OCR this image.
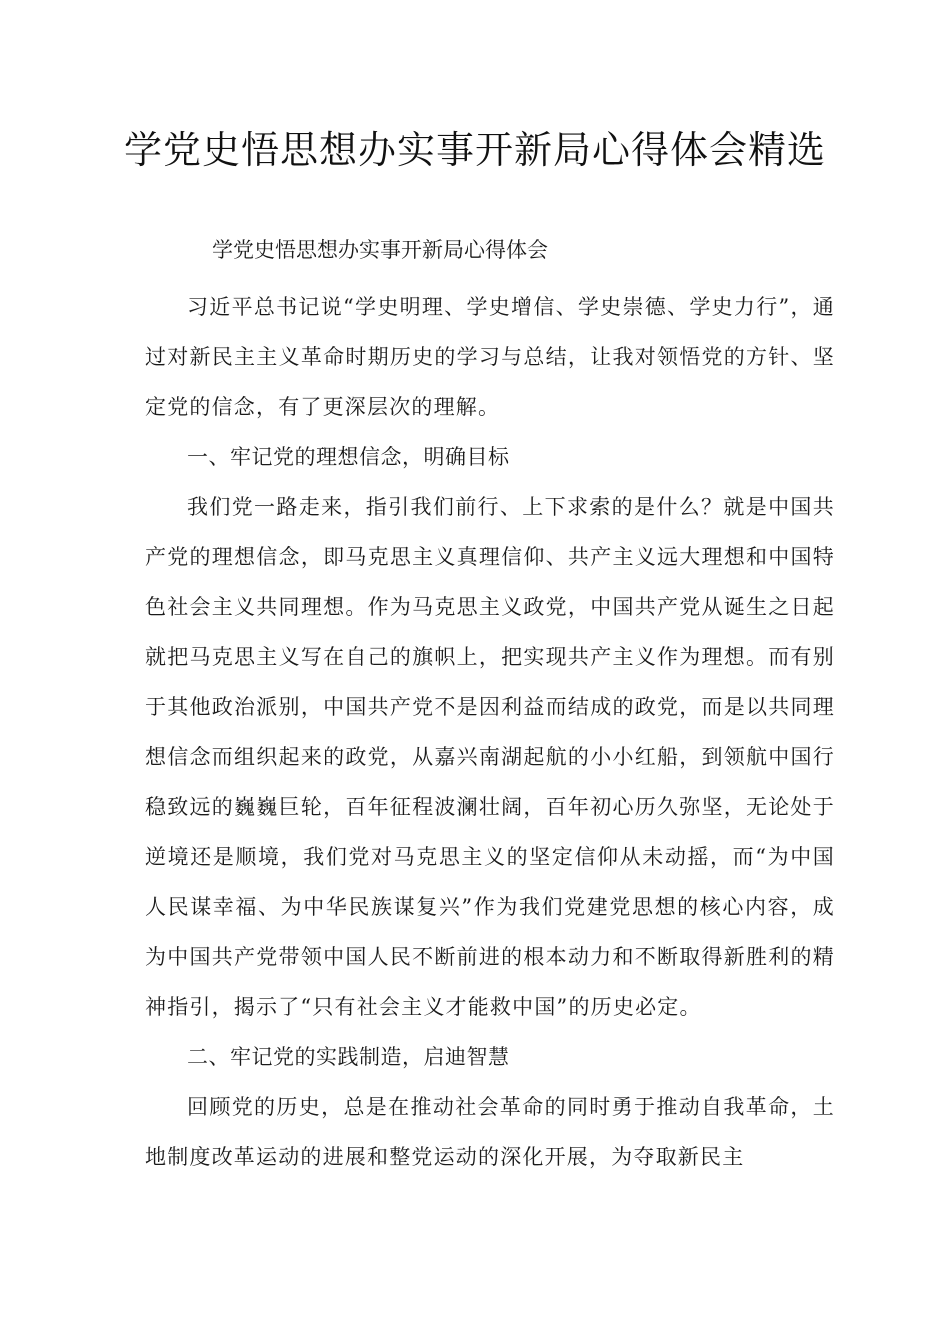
学党史悟思想办实事开新局心得体会精选
学党史悟思想办实事开新局心得体会

习近平总书记说“学史明理、学史增信、学史崇德、学史力行”，通过对新民主主义革命时期历史的学习与总结，让我对领悟党的方针、坚定党的信念，有了更深层次的理解。

一、牢记党的理想信念，明确目标

我们党一路走来，指引我们前行、上下求索的是什么？就是中国共产党的理想信念，即马克思主义真理信仰、共产主义远大理想和中国特色社会主义共同理想。作为马克思主义政党，中国共产党从诞生之日起就把马克思主义写在自己的旗帜上，把实现共产主义作为理想。而有别于其他政治派别，中国共产党不是因利益而结成的政党，而是以共同理想信念而组织起来的政党，从嘉兴南湖起航的小小红船，到领航中国行稳致远的巍巍巨轮，百年征程波澜壮阔，百年初心历久弥坚，无论处于逆境还是顺境，我们党对马克思主义的坚定信仰从未动摇，而“为中国人民谋幸福、为中华民族谋复兴”作为我们党建党思想的核心内容，成为中国共产党带领中国人民不断前进的根本动力和不断取得新胜利的精神指引，揭示了“只有社会主义才能救中国”的历史必定。

二、牢记党的实践制造，启迪智慧

回顾党的历史，总是在推动社会革命的同时勇于推动自我革命，土地制度改革运动的进展和整党运动的深化开展，为夺取新民主
